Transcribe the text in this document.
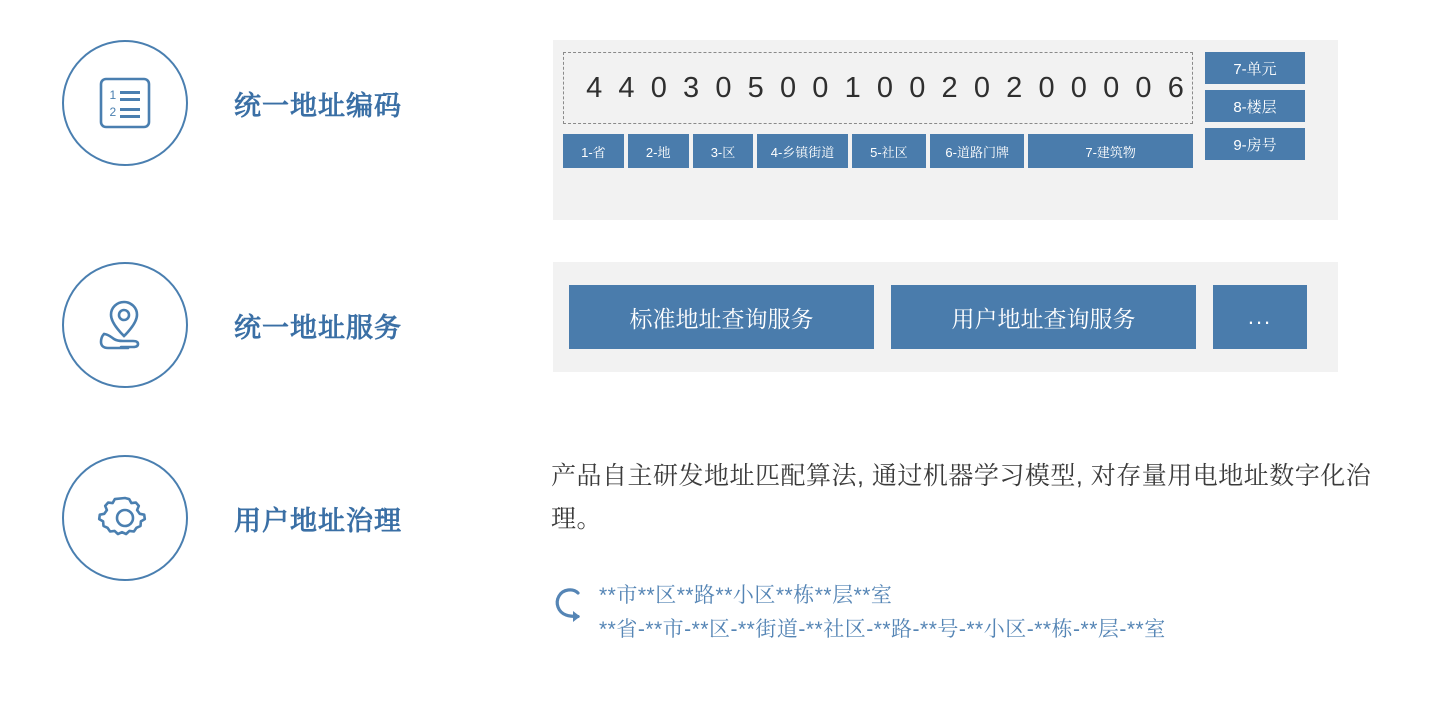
1
2	统一地址编码
4 4 0 3 0 5 0 0 1 0 0 2 0 2 0 0 0 0 6
1-省	2-地	3-区	4-乡镇街道	5-社区	6-道路门牌	7-建筑物
7-单元
8-楼层
9-房号
统一地址服务	标准地址查询服务	用户地址查询服务	...
用户地址治理
产品自主研发地址匹配算法, 通过机器学习模型, 对存量用电地址数字化治理。
**市**区**路**小区**栋**层**室
**省-**市-**区-**街道-**社区-**路-**号-**小区-**栋-**层-**室
